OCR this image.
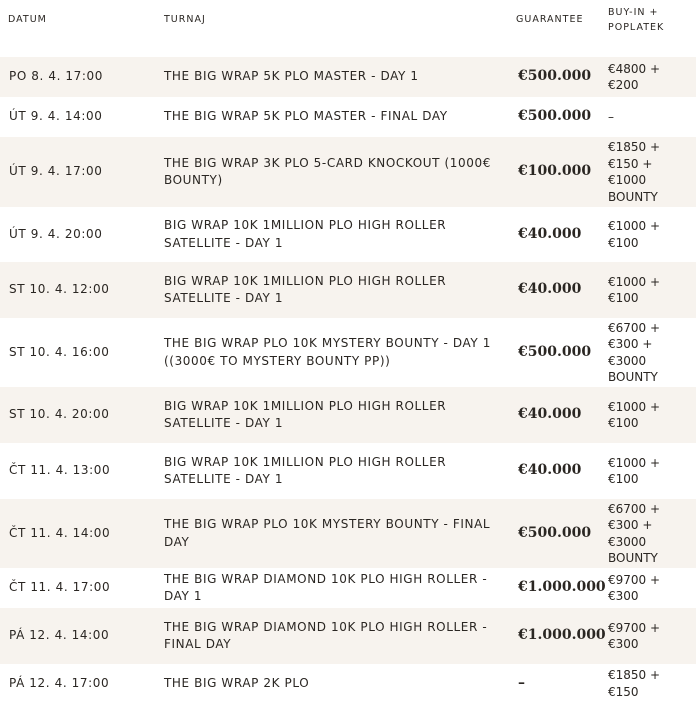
DATUM	TURNAJ	GUARANTEE	BUY-IN + POPLATEK
PO 8. 4. 17:00	THE BIG WRAP 5K PLO MASTER - DAY 1	€500.000	€4800 + €200
ÚT 9. 4. 14:00	THE BIG WRAP 5K PLO MASTER - FINAL DAY	€500.000	–
ÚT 9. 4. 17:00	THE BIG WRAP 3K PLO 5-CARD KNOCKOUT (1000€ BOUNTY)	€100.000	€1850 + €150 + €1000 BOUNTY
ÚT 9. 4. 20:00	BIG WRAP 10K 1MILLION PLO HIGH ROLLER SATELLITE - DAY 1	€40.000	€1000 + €100
ST 10. 4. 12:00	BIG WRAP 10K 1MILLION PLO HIGH ROLLER SATELLITE - DAY 1	€40.000	€1000 + €100
ST 10. 4. 16:00	THE BIG WRAP PLO 10K MYSTERY BOUNTY - DAY 1 ((3000€ TO MYSTERY BOUNTY PP))	€500.000	€6700 + €300 + €3000 BOUNTY
ST 10. 4. 20:00	BIG WRAP 10K 1MILLION PLO HIGH ROLLER SATELLITE - DAY 1	€40.000	€1000 + €100
ČT 11. 4. 13:00	BIG WRAP 10K 1MILLION PLO HIGH ROLLER SATELLITE - DAY 1	€40.000	€1000 + €100
ČT 11. 4. 14:00	THE BIG WRAP PLO 10K MYSTERY BOUNTY - FINAL DAY	€500.000	€6700 + €300 + €3000 BOUNTY
ČT 11. 4. 17:00	THE BIG WRAP DIAMOND 10K PLO HIGH ROLLER - DAY 1	€1.000.000	€9700 + €300
PÁ 12. 4. 14:00	THE BIG WRAP DIAMOND 10K PLO HIGH ROLLER - FINAL DAY	€1.000.000	€9700 + €300
PÁ 12. 4. 17:00	THE BIG WRAP 2K PLO	–	€1850 + €150
